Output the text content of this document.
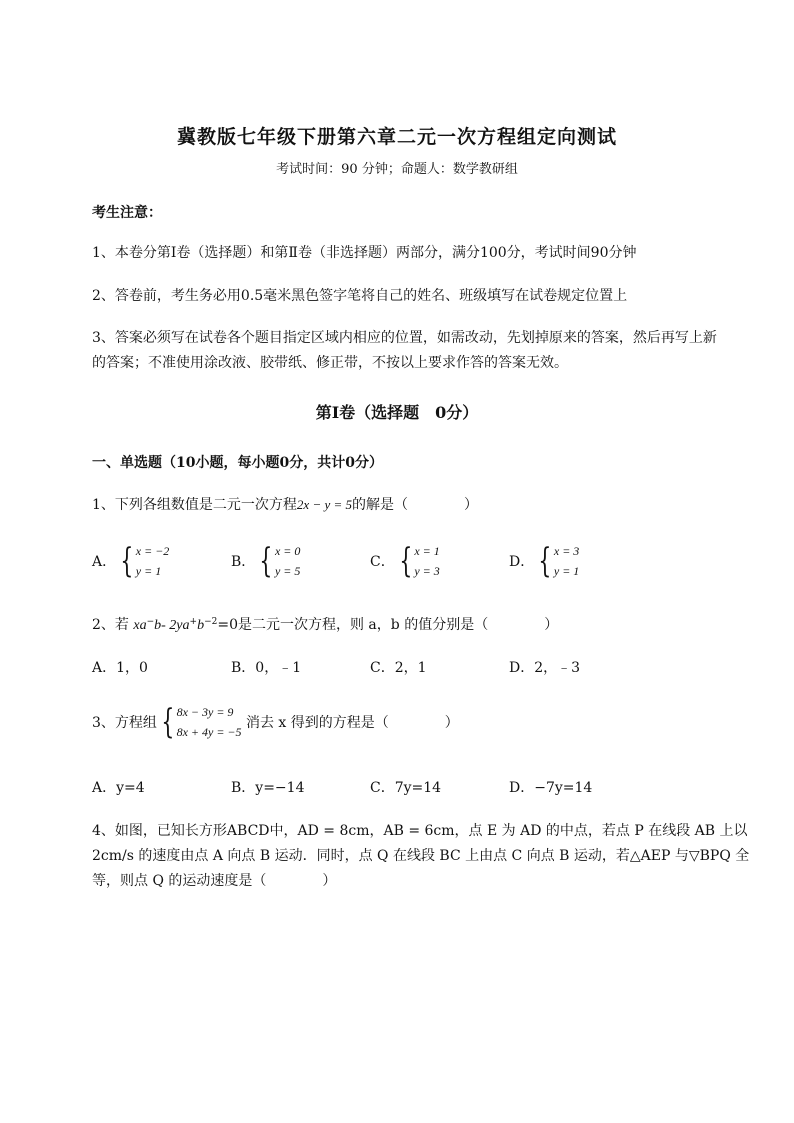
冀教版七年级下册第六章二元一次方程组定向测试
考试时间：90 分钟；命题人：数学教研组
考生注意：
1、本卷分第Ⅰ卷（选择题）和第Ⅱ卷（非选择题）两部分，满分100分，考试时间90分钟
2、答卷前，考生务必用0.5毫米黑色签字笔将自己的姓名、班级填写在试卷规定位置上
3、答案必须写在试卷各个题目指定区域内相应的位置，如需改动，先划掉原来的答案，然后再写上新
的答案；不准使用涂改液、胶带纸、修正带，不按以上要求作答的答案无效。
第Ⅰ卷（选择题　0分）
一、单选题（10小题，每小题0分，共计0分）
1、下列各组数值是二元一次方程2x − y = 5的解是（　　　　）
A． { x = −2
y = 1
B． { x = 0
y = 5
C． { x = 1
y = 3
D． { x = 3
y = 1
2、若 xa−b- $2ya^+b^{-2}=0$是二元一次方程，则 a，b 的值分别是（　　　　）
A．1，0	B．0，﹣1	C．2，1	D．2，﹣3
3、方程组 { 8x − 3y = 9
8x + 4y = −5
消去 x 得到的方程是（　　　　）
A．y=4	B．y=−14	C．7y=14	D．−7y=14
4、如图，已知长方形ABCD中，AD = 8cm，AB = 6cm，点 E 为 AD 的中点，若点 P 在线段 AB 上以
2cm/s 的速度由点 A 向点 B 运动．同时，点 Q 在线段 BC 上由点 C 向点 B 运动，若△AEP 与▽BPQ 全
等，则点 Q 的运动速度是（　　　　）
